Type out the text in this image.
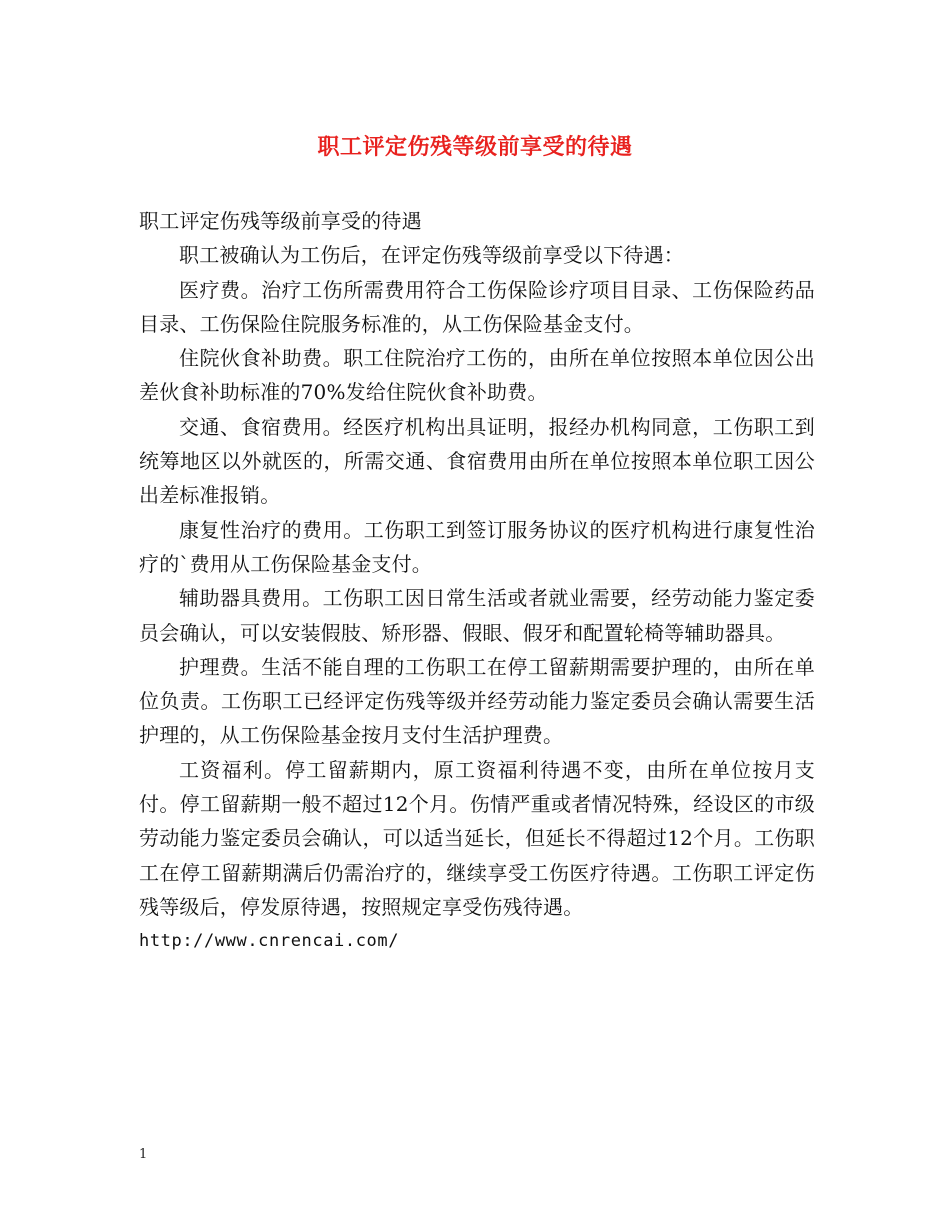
职工评定伤残等级前享受的待遇

职工评定伤残等级前享受的待遇

职工被确认为工伤后，在评定伤残等级前享受以下待遇：

医疗费。治疗工伤所需费用符合工伤保险诊疗项目目录、工伤保险药品目录、工伤保险住院服务标准的，从工伤保险基金支付。

住院伙食补助费。职工住院治疗工伤的，由所在单位按照本单位因公出差伙食补助标准的70%发给住院伙食补助费。

交通、食宿费用。经医疗机构出具证明，报经办机构同意，工伤职工到统筹地区以外就医的，所需交通、食宿费用由所在单位按照本单位职工因公出差标准报销。

康复性治疗的费用。工伤职工到签订服务协议的医疗机构进行康复性治疗的`费用从工伤保险基金支付。

辅助器具费用。工伤职工因日常生活或者就业需要，经劳动能力鉴定委员会确认，可以安装假肢、矫形器、假眼、假牙和配置轮椅等辅助器具。

护理费。生活不能自理的工伤职工在停工留薪期需要护理的，由所在单位负责。工伤职工已经评定伤残等级并经劳动能力鉴定委员会确认需要生活护理的，从工伤保险基金按月支付生活护理费。

工资福利。停工留薪期内，原工资福利待遇不变，由所在单位按月支付。停工留薪期一般不超过12个月。伤情严重或者情况特殊，经设区的市级劳动能力鉴定委员会确认，可以适当延长，但延长不得超过12个月。工伤职工在停工留薪期满后仍需治疗的，继续享受工伤医疗待遇。工伤职工评定伤残等级后，停发原待遇，按照规定享受伤残待遇。

http://www.cnrencai.com/

1
